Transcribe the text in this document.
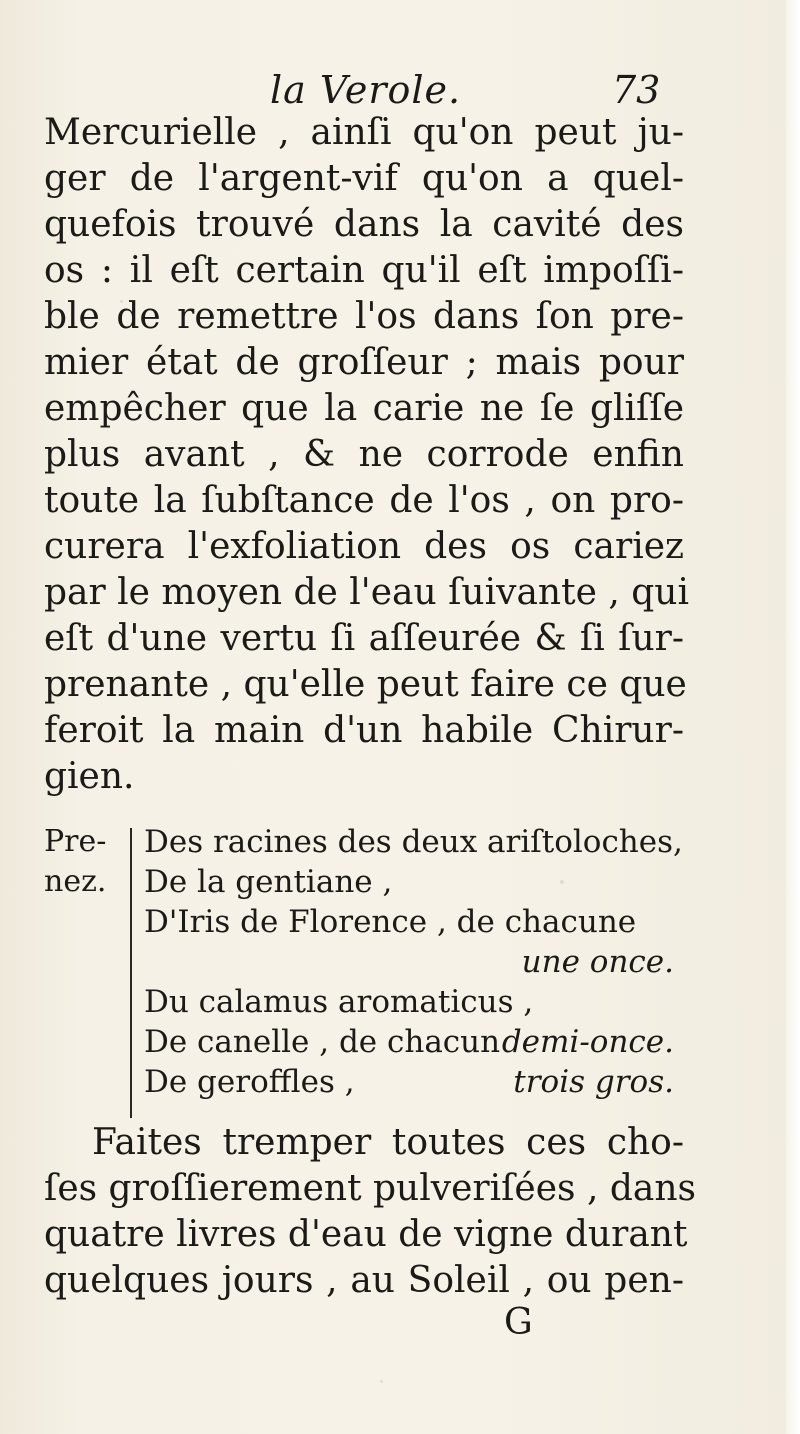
la Verole.	73
Mercurielle , ainſi qu'on peut ju-
ger de l'argent-vif qu'on a quel-
quefois trouvé dans la cavité des
os : il eſt certain qu'il eſt impoſſi-
ble de remettre l'os dans ſon pre-
mier état de groſſeur ; mais pour
empêcher que la carie ne ſe gliſſe
plus avant , & ne corrode enfin
toute la ſubſtance de l'os , on pro-
curera l'exfoliation des os cariez
par le moyen de l'eau ſuivante , qui
eſt d'une vertu ſi aſſeurée & ſi ſur-
prenante , qu'elle peut faire ce que
feroit la main d'un habile Chirur-
gien.
Pre-
nez.
Des racines des deux ariſtoloches,
De la gentiane ,
D'Iris de Florence , de chacune
une once.
Du calamus aromaticus ,
De canelle , de chacun demi-once.
De geroffles ,	trois gros.
Faites tremper toutes ces cho-
ſes groſſierement pulveriſées , dans
quatre livres d'eau de vigne durant
quelques jours , au Soleil , ou pen-
G
